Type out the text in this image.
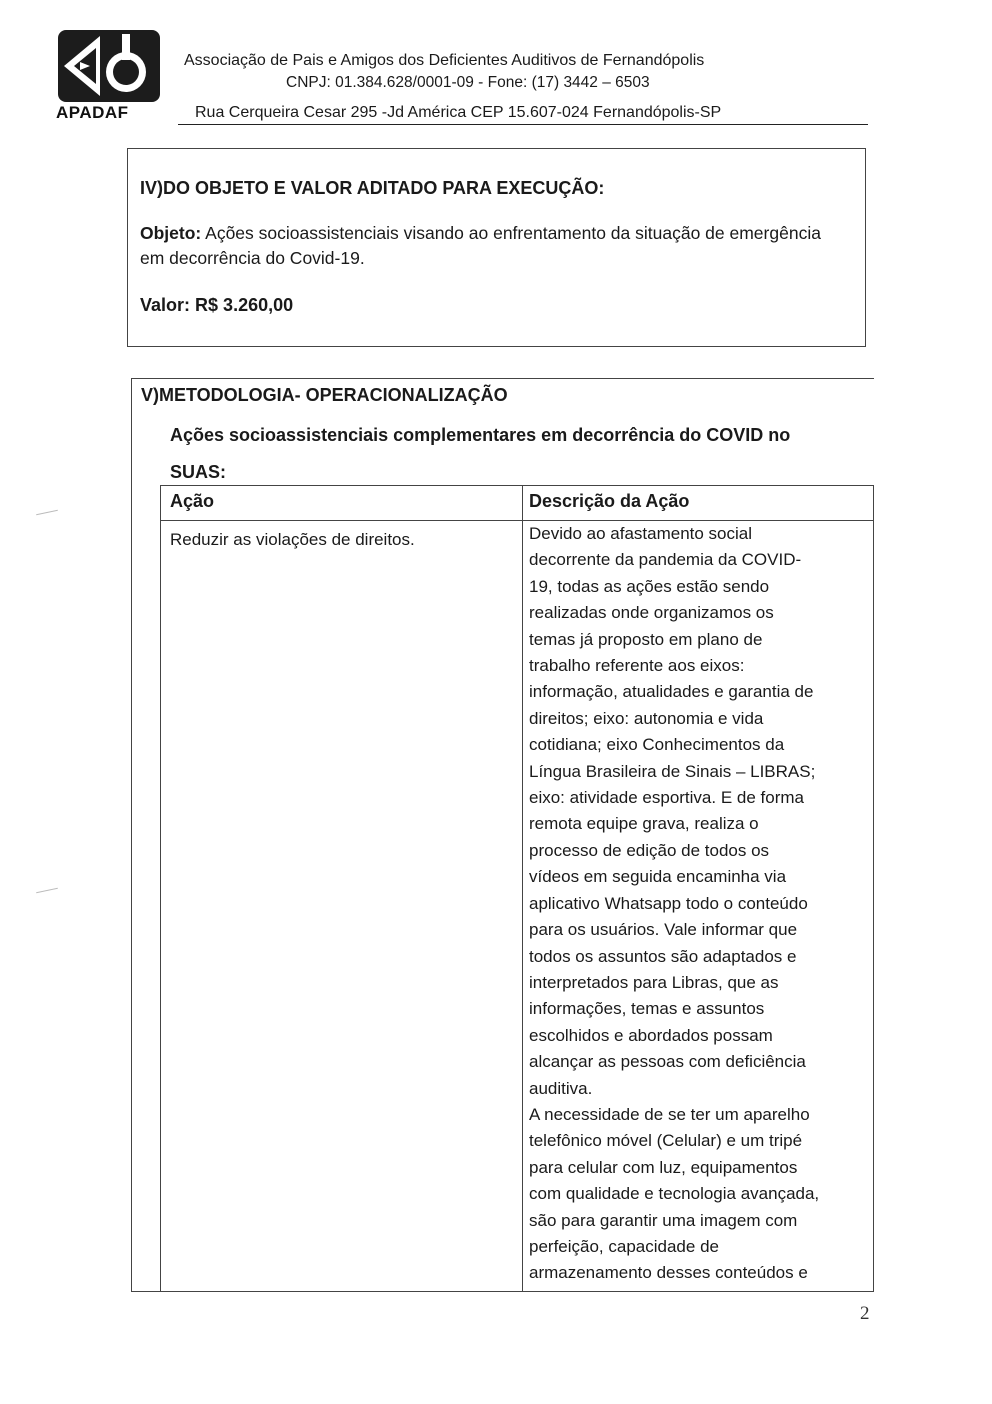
APADAF
Associação de Pais e Amigos dos Deficientes Auditivos de Fernandópolis
CNPJ: 01.384.628/0001-09 - Fone: (17) 3442 – 6503
Rua Cerqueira Cesar 295 -Jd América CEP 15.607-024 Fernandópolis-SP
IV)DO OBJETO E VALOR ADITADO PARA EXECUÇÃO:
Objeto: Ações socioassistenciais visando ao enfrentamento da situação de emergência em decorrência do Covid-19.
Valor: R$ 3.260,00
V)METODOLOGIA- OPERACIONALIZAÇÃO
Ações socioassistenciais complementares em decorrência do COVID no
SUAS:
Ação	Descrição da Ação
Reduzir as violações de direitos.	Devido ao afastamento social
decorrente da pandemia da COVID-
19, todas as ações estão sendo
realizadas onde organizamos os
temas já proposto em plano de
trabalho referente aos eixos:
informação, atualidades e garantia de
direitos; eixo: autonomia e vida
cotidiana; eixo Conhecimentos da
Língua Brasileira de Sinais – LIBRAS;
eixo: atividade esportiva. E de forma
remota equipe grava, realiza o
processo de edição de todos os
vídeos em seguida encaminha via
aplicativo Whatsapp todo o conteúdo
para os usuários. Vale informar que
todos os assuntos são adaptados e
interpretados para Libras, que as
informações, temas e assuntos
escolhidos e abordados possam
alcançar as pessoas com deficiência
auditiva.
A necessidade de se ter um aparelho
telefônico móvel (Celular) e um tripé
para celular com luz, equipamentos
com qualidade e tecnologia avançada,
são para garantir uma imagem com
perfeição, capacidade de
armazenamento desses conteúdos e
2
